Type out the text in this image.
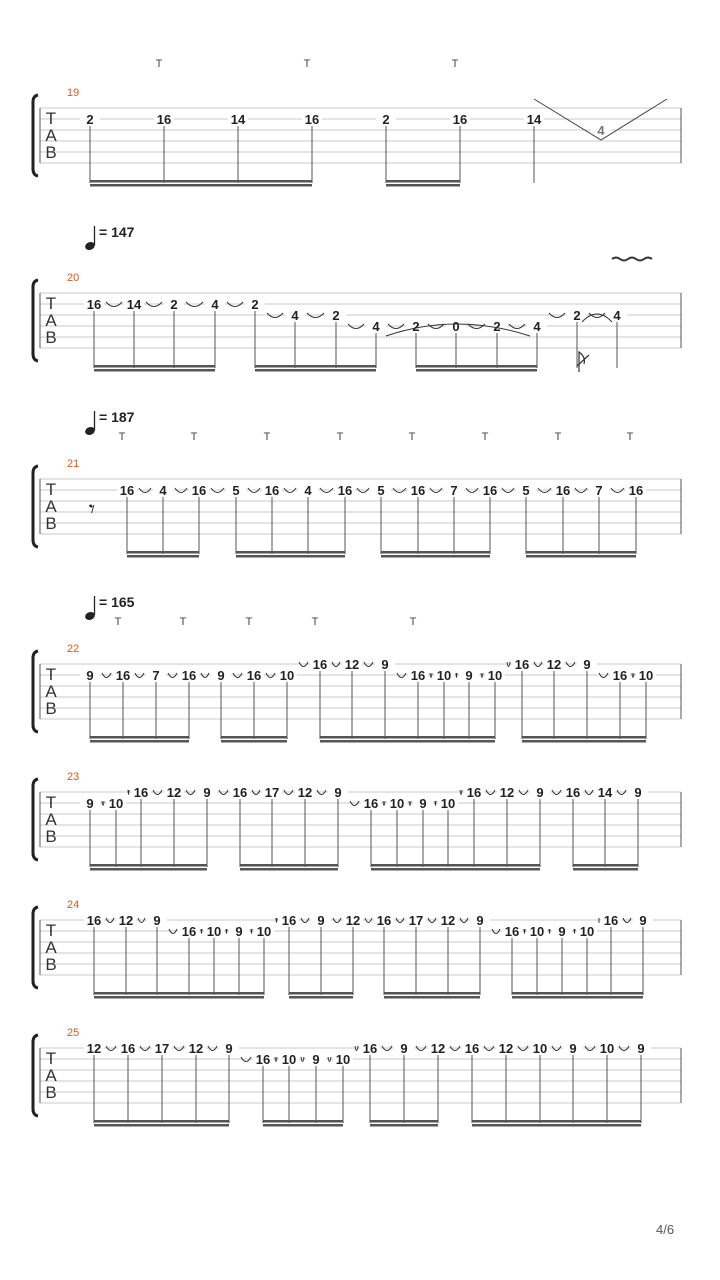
T
A
B
19
T	T	T
2	16	14	16	2	16	14
4
T
A
B
20
16 14 2	4	2
4	2
4	2	0	2	4
2	4
T
A
B
21
T	T	T	T	T	T	T	T
16 4 16 5 16 4 16 5 16 7 16 5 16 7 16
𝄾
T
A
B
22
T	T	T	T	T
9 16 7 16 9 16 10
16 12 9
16 10 9 10
16 12 9
16 10
T
A
B
23
9 10
16 12 9 16 17 12 9
16 10 9 10
16 12 9 16 14 9
T
A
B
24
16 12 9
16 10 9 10
16 9 12 16 17 12 9
16 10 9 10
16 9
T
A
B
25
12 16 17 12 9
16 10 9 10
16 9 12 16 12 10 9 10 9
= 147
= 187
= 165
4/6
